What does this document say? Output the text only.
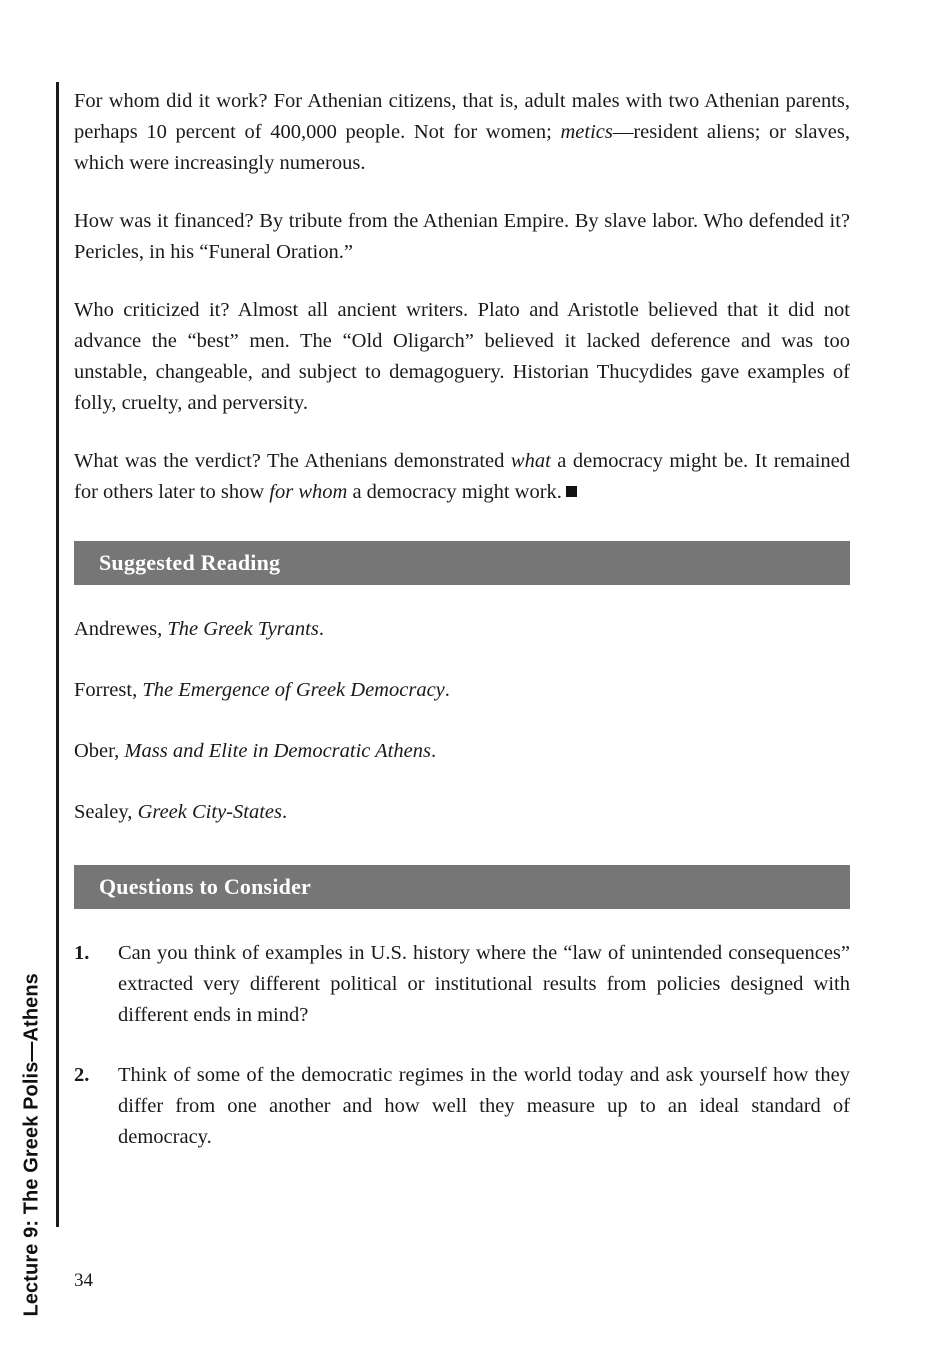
Lecture 9: The Greek Polis—Athens

For whom did it work? For Athenian citizens, that is, adult males with two Athenian parents, perhaps 10 percent of 400,000 people. Not for women; metics—resident aliens; or slaves, which were increasingly numerous.

How was it financed? By tribute from the Athenian Empire. By slave labor. Who defended it? Pericles, in his “Funeral Oration.”

Who criticized it? Almost all ancient writers. Plato and Aristotle believed that it did not advance the “best” men. The “Old Oligarch” believed it lacked deference and was too unstable, changeable, and subject to demagoguery. Historian Thucydides gave examples of folly, cruelty, and perversity.

What was the verdict? The Athenians demonstrated what a democracy might be. It remained for others later to show for whom a democracy might work.

Suggested Reading
Andrewes, The Greek Tyrants.
Forrest, The Emergence of Greek Democracy.
Ober, Mass and Elite in Democratic Athens.
Sealey, Greek City-States.
Questions to Consider
1. Can you think of examples in U.S. history where the “law of unintended consequences” extracted very different political or institutional results from policies designed with different ends in mind?
2. Think of some of the democratic regimes in the world today and ask yourself how they differ from one another and how well they measure up to an ideal standard of democracy.
34
